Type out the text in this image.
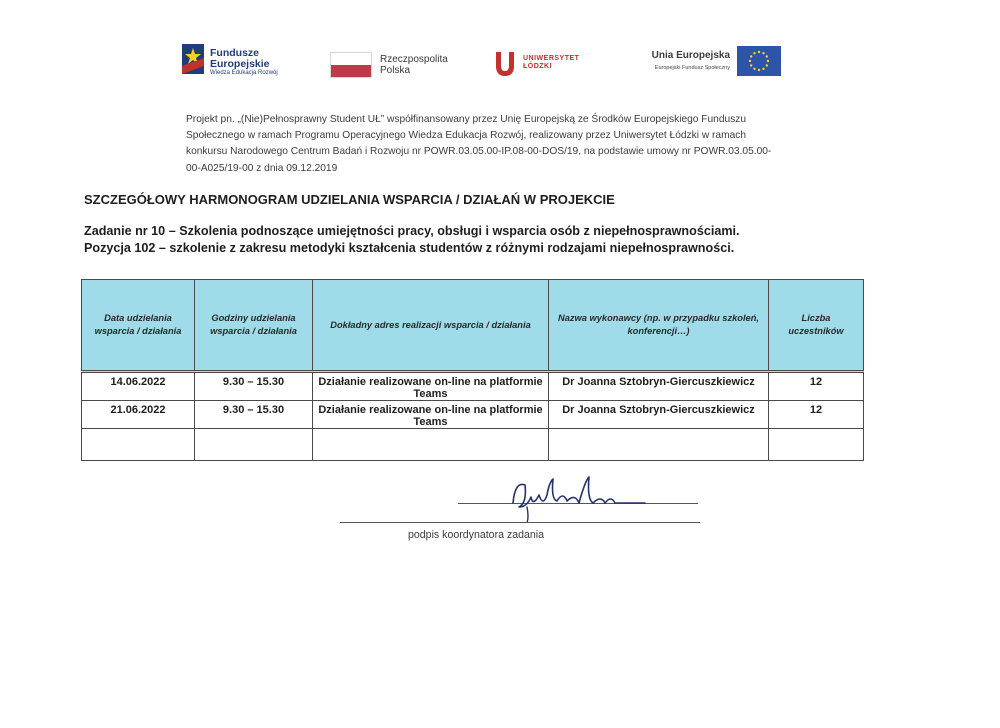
Fundusze
Europejskie
Wiedza Edukacja Rozwój
Rzeczpospolita
Polska
UNIWERSYTET
ŁÓDZKI
Unia Europejska
Europejski Fundusz Społeczny

Projekt pn. „(Nie)Pełnosprawny Student UŁ” współfinansowany przez Unię Europejską ze Środków Europejskiego Funduszu Społecznego w ramach Programu Operacyjnego Wiedza Edukacja Rozwój, realizowany przez Uniwersytet Łódzki w ramach konkursu Narodowego Centrum Badań i Rozwoju nr POWR.03.05.00-IP.08-00-DOS/19, na podstawie umowy nr POWR.03.05.00-00-A025/19-00 z dnia 09.12.2019

SZCZEGÓŁOWY HARMONOGRAM UDZIELANIA WSPARCIA / DZIAŁAŃ W PROJEKCIE
Zadanie nr 10 – Szkolenia podnoszące umiejętności pracy, obsługi i wsparcia osób z niepełnosprawnościami.
Pozycja 102 – szkolenie z zakresu metodyki kształcenia studentów z różnymi rodzajami niepełnosprawności.
Data udzielania wsparcia / działania	Godziny udzielania wsparcia / działania	Dokładny adres realizacji wsparcia / działania	Nazwa wykonawcy (np. w przypadku szkoleń, konferencji…)	Liczba uczestników
14.06.2022	9.30 – 15.30	Działanie realizowane on-line na platformie Teams	Dr Joanna Sztobryn-Giercuszkiewicz	12
21.06.2022	9.30 – 15.30	Działanie realizowane on-line na platformie Teams	Dr Joanna Sztobryn-Giercuszkiewicz	12

podpis koordynatora zadania
